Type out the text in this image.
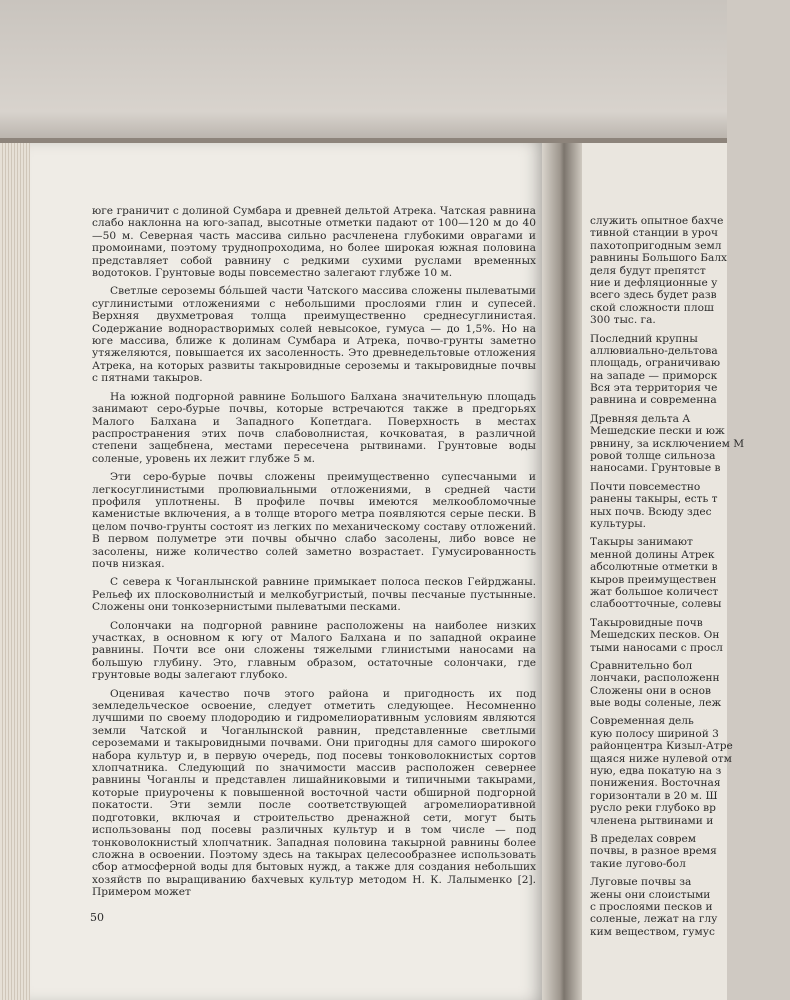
юге граничит с долиной Сумбара и древней дельтой Атрека. Чатская равнина слабо наклонна на юго-запад, высотные отметки падают от 100—120 м до 40—50 м. Северная часть массива сильно расчленена глубокими оврагами и промоинами, поэтому труднопроходима, но более широкая южная половина представляет собой равнину с редкими сухими руслами временных водотоков. Грунтовые воды повсеместно залегают глубже 10 м.

Светлые сероземы бо́льшей части Чатского массива сложены пылеватыми суглинистыми отложениями с небольшими прослоями глин и супесей. Верхняя двухметровая толща преимущественно среднесуглинистая. Содержание воднорастворимых солей невысокое, гумуса — до 1,5%. Но на юге массива, ближе к долинам Сумбара и Атрека, почво-грунты заметно утяжеляются, повышается их засоленность. Это древнедельтовые отложения Атрека, на которых развиты такыровидные сероземы и такыровидные почвы с пятнами такыров.

На южной подгорной равнине Большого Балхана значительную площадь занимают серо-бурые почвы, которые встречаются также в предгорьях Малого Балхана и Западного Копетдага. Поверхность в местах распространения этих почв слабоволнистая, кочковатая, в различной степени защебнена, местами пересечена рытвинами. Грунтовые воды соленые, уровень их лежит глубже 5 м.

Эти серо-бурые почвы сложены преимущественно супесчаными и легкосуглинистыми пролювиальными отложениями, в средней части профиля уплотнены. В профиле почвы имеются мелкообломочные каменистые включения, а в толще второго метра появляются серые пески. В целом почво-грунты состоят из легких по механическому составу отложений. В первом полуметре эти почвы обычно слабо засолены, либо вовсе не засолены, ниже количество солей заметно возрастает. Гумусированность почв низкая.

С севера к Чоганлынской равнине примыкает полоса песков Гейрджаны. Рельеф их плосковолнистый и мелкобугристый, почвы песчаные пустынные. Сложены они тонкозернистыми пылеватыми песками.

Солончаки на подгорной равнине расположены на наиболее низких участках, в основном к югу от Малого Балхана и по западной окраине равнины. Почти все они сложены тяжелыми глинистыми наносами на большую глубину. Это, главным образом, остаточные солончаки, где грунтовые воды залегают глубоко.

Оценивая качество почв этого района и пригодность их под земледельческое освоение, следует отметить следующее. Несомненно лучшими по своему плодородию и гидромелиоративным условиям являются земли Чатской и Чоганлынской равнин, представленные светлыми сероземами и такыровидными почвами. Они пригодны для самого широкого набора культур и, в первую очередь, под посевы тонковолокнистых сортов хлопчатника. Следующий по значимости массив расположен севернее равнины Чоганлы и представлен лишайниковыми и типичными такырами, которые приурочены к повышенной восточной части обширной подгорной покатости. Эти земли после соответствующей агромелиоративной подготовки, включая и строительство дренажной сети, могут быть использованы под посевы различных культур и в том числе — под тонковолокнистый хлопчатник. Западная половина такырной равнины более сложна в освоении. Поэтому здесь на такырах целесообразнее использовать сбор атмосферной воды для бытовых нужд, а также для создания небольших хозяйств по выращиванию бахчевых культур методом Н. К. Лалыменко [2]. Примером может

50
служить опытное бахче
тивной станции в уроч
пахотопригодным земл
равнины Большого Балх
деля будут препятст
ние и дефляционные у
всего здесь будет разв
ской сложности плош
300 тыс. га.
Последний крупны
аллювиально-дельтова
площадь, ограничиваю
на западе — приморск
Вся эта территория че
равнина и современна
Древняя дельта А
Мешедские пески и юж
рвнину, за исключением М
ровой толще сильноза
наносами. Грунтовые в
Почти повсеместно
ранены такыры, есть т
ных почв. Всюду здес
культуры.
Такыры занимают
менной долины Атрек
абсолютные отметки в
кыров преимуществен
жат большое количест
слабоотточные, солевы
Такыровидные почв
Мешедских песков. Он
тыми наносами с просл
Сравнительно бол
лончаки, расположенн
Сложены они в основ
вые воды соленые, леж
Современная дель
кую полосу шириной 3
районцентра Кизыл-Атре
щаяся ниже нулевой отм
ную, едва покатую на з
понижения. Восточная
горизонтали в 20 м. Ш
русло реки глубоко вр
членена рытвинами и
В пределах соврем
почвы, в разное время
такие лугово-бол
Луговые почвы за
жены они слоистыми
с прослоями песков и
соленые, лежат на глу
ким веществом, гумус
